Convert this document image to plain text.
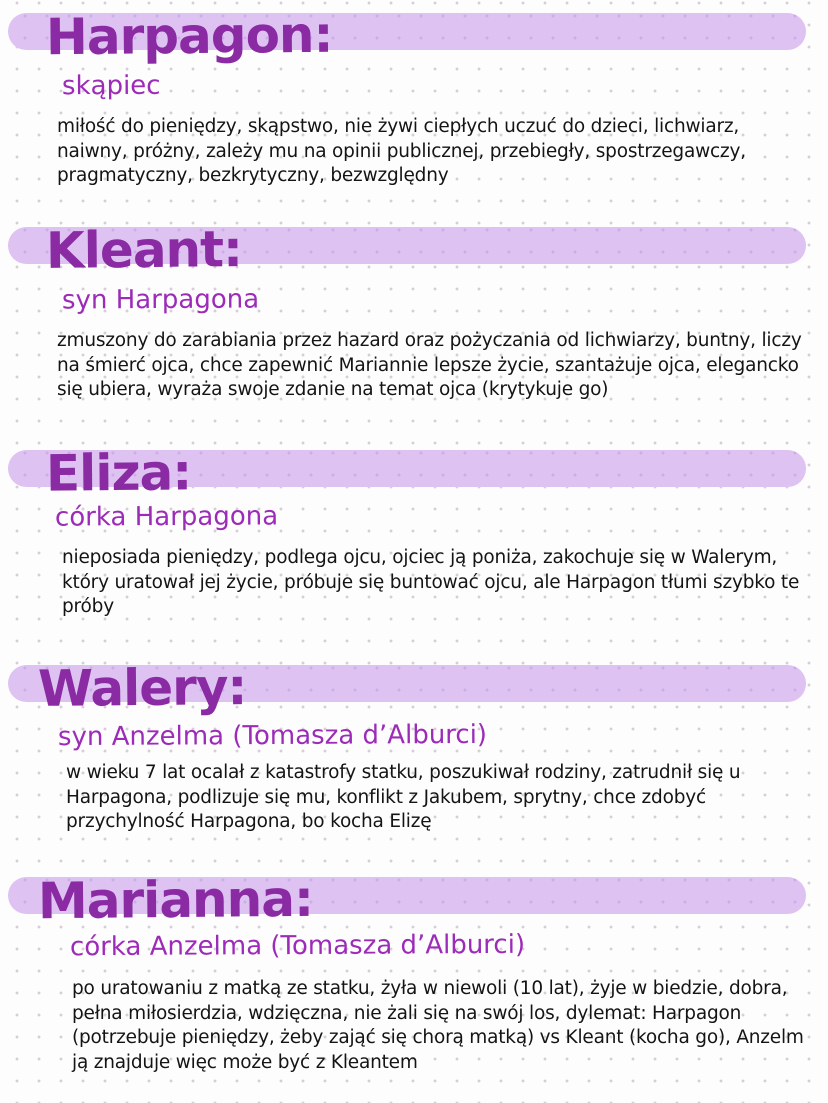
Harpagon:
skąpiec

miłość do pieniędzy, skąpstwo, nie żywi ciepłych uczuć do dzieci, lichwiarz, naiwny, próżny, zależy mu na opinii publicznej, przebiegły, spostrzegawczy, pragmatyczny, bezkrytyczny, bezwzględny

Kleant:
syn Harpagona

zmuszony do zarabiania przez hazard oraz pożyczania od lichwiarzy, buntny, liczy na śmierć ojca, chce zapewnić Mariannie lepsze życie, szantażuje ojca, elegancko się ubiera, wyraża swoje zdanie na temat ojca (krytykuje go)

Eliza:
córka Harpagona

nieposiada pieniędzy, podlega ojcu, ojciec ją poniża, zakochuje się w Walerym, który uratował jej życie, próbuje się buntować ojcu, ale Harpagon tłumi szybko te próby

Walery:
syn Anzelma (Tomasza d’Alburci)

w wieku 7 lat ocalał z katastrofy statku, poszukiwał rodziny, zatrudnił się u Harpagona, podlizuje się mu, konflikt z Jakubem, sprytny, chce zdobyć przychylność Harpagona, bo kocha Elizę

Marianna:
córka Anzelma (Tomasza d’Alburci)

po uratowaniu z matką ze statku, żyła w niewoli (10 lat), żyje w biedzie, dobra, pełna miłosierdzia, wdzięczna, nie żali się na swój los, dylemat: Harpagon (potrzebuje pieniędzy, żeby zająć się chorą matką) vs Kleant (kocha go), Anzelm ją znajduje więc może być z Kleantem
